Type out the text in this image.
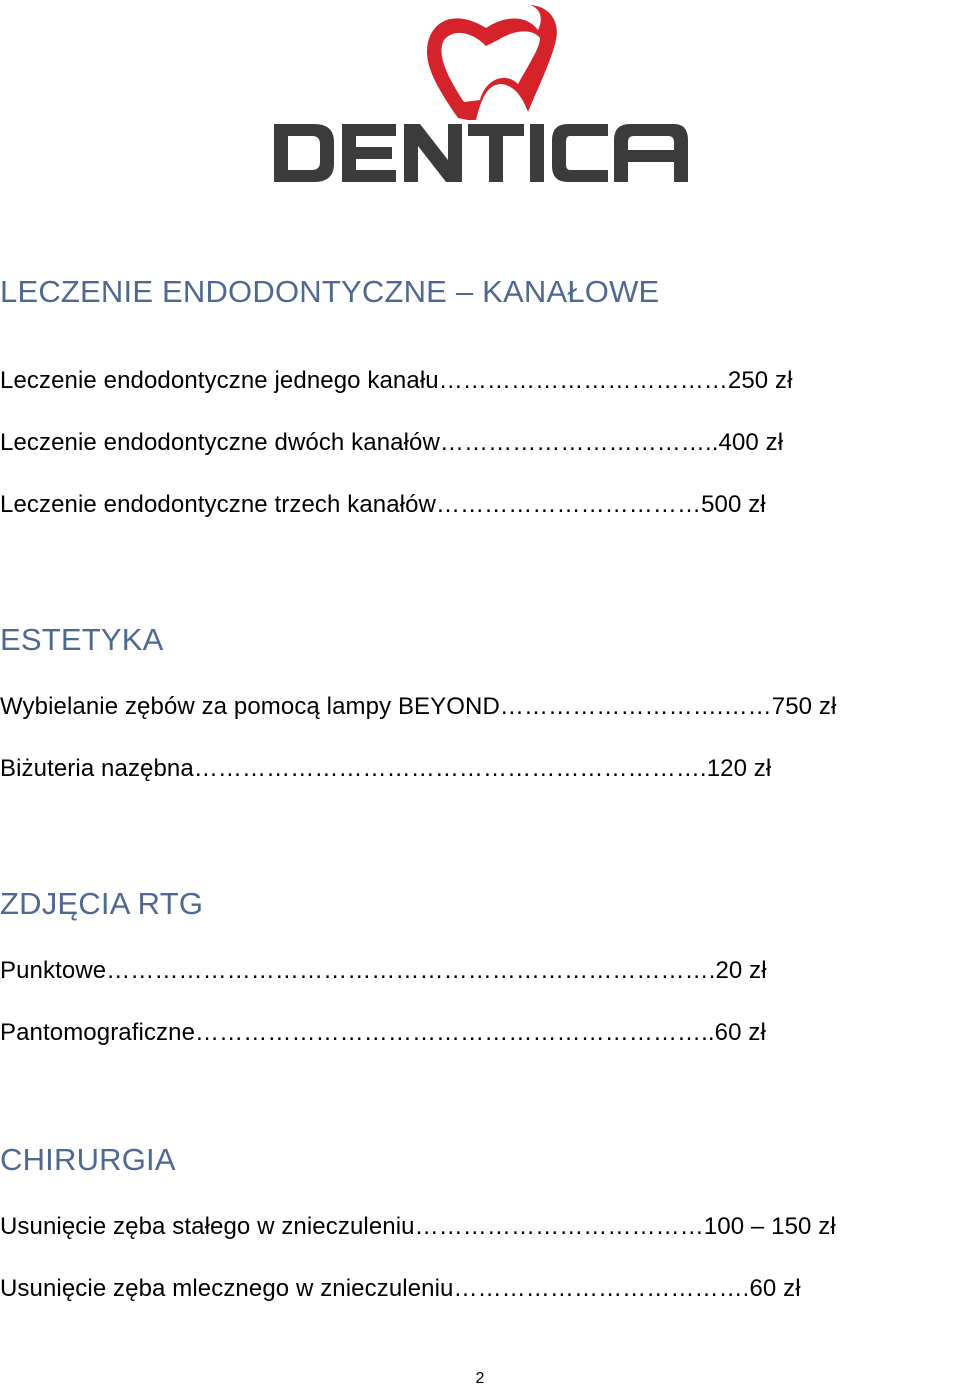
LECZENIE ENDODONTYCZNE – KANAŁOWE
Leczenie endodontyczne jednego kanału………………………………250 zł
Leczenie endodontyczne dwóch kanałów……………………………..400 zł
Leczenie endodontyczne trzech kanałów……………………………500 zł
ESTETYKA
Wybielanie zębów za pomocą lampy BEYOND……………………….……750 zł
Biżuteria nazębna……………………………………………………….120 zł
ZDJĘCIA RTG
Punktowe………………………………………………………………….20 zł
Pantomograficzne………………………………………………………..60 zł
CHIRURGIA
Usunięcie zęba stałego w znieczuleniu………………………………100 – 150 zł
Usunięcie zęba mlecznego w znieczuleniu……………………………….60 zł
2
